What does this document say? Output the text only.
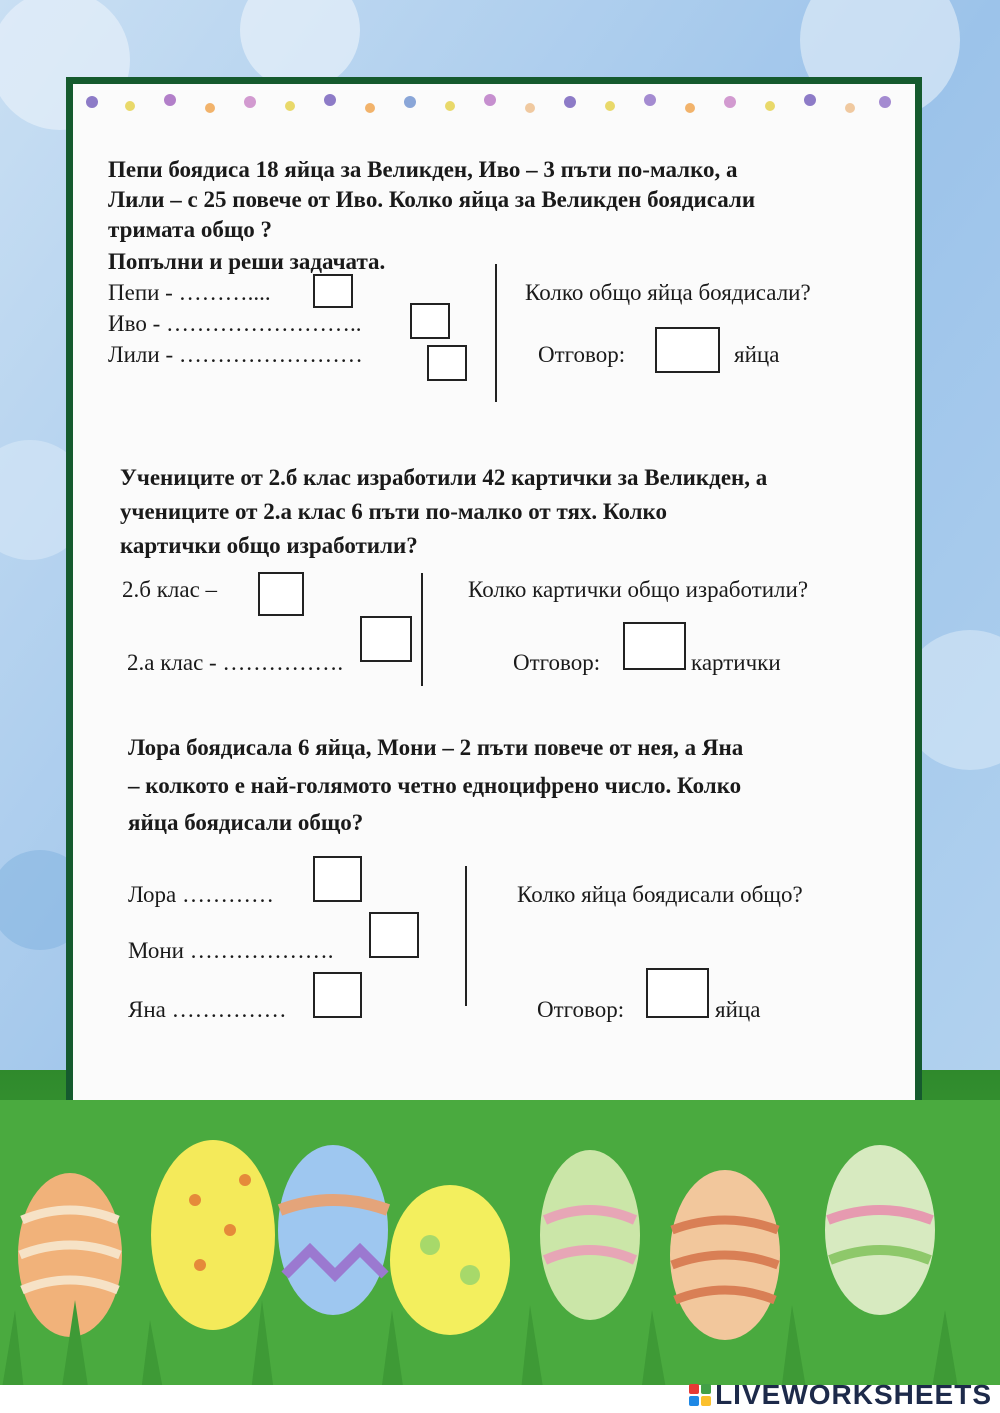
Пепи боядиса 18 яйца за Великден, Иво – 3 пъти по-малко, а
Лили – с 25 повече от Иво. Колко яйца за Великден боядисали
тримата общо ?
Попълни и реши задачата.
Пепи - ………....
Иво - ……………………..
Лили - ……………………
Колко общо яйца боядисали?
Отговор:	яйца
Учениците от 2.б клас изработили 42 картички за Великден, а
учениците от 2.а клас 6 пъти по-малко от тях. Колко
картички общо изработили?
2.б клас –
2.а клас - …………….
Колко картички общо изработили?
Отговор:	картички
Лора боядисала 6 яйца, Мони – 2 пъти повече от нея, а Яна
– колкото е най-голямото четно едноцифрено число. Колко
яйца боядисали общо?
Лора …………
Мони ……………….
Яна ……………
Колко яйца боядисали общо?
Отговор:	яйца
LIVEWORKSHEETS
